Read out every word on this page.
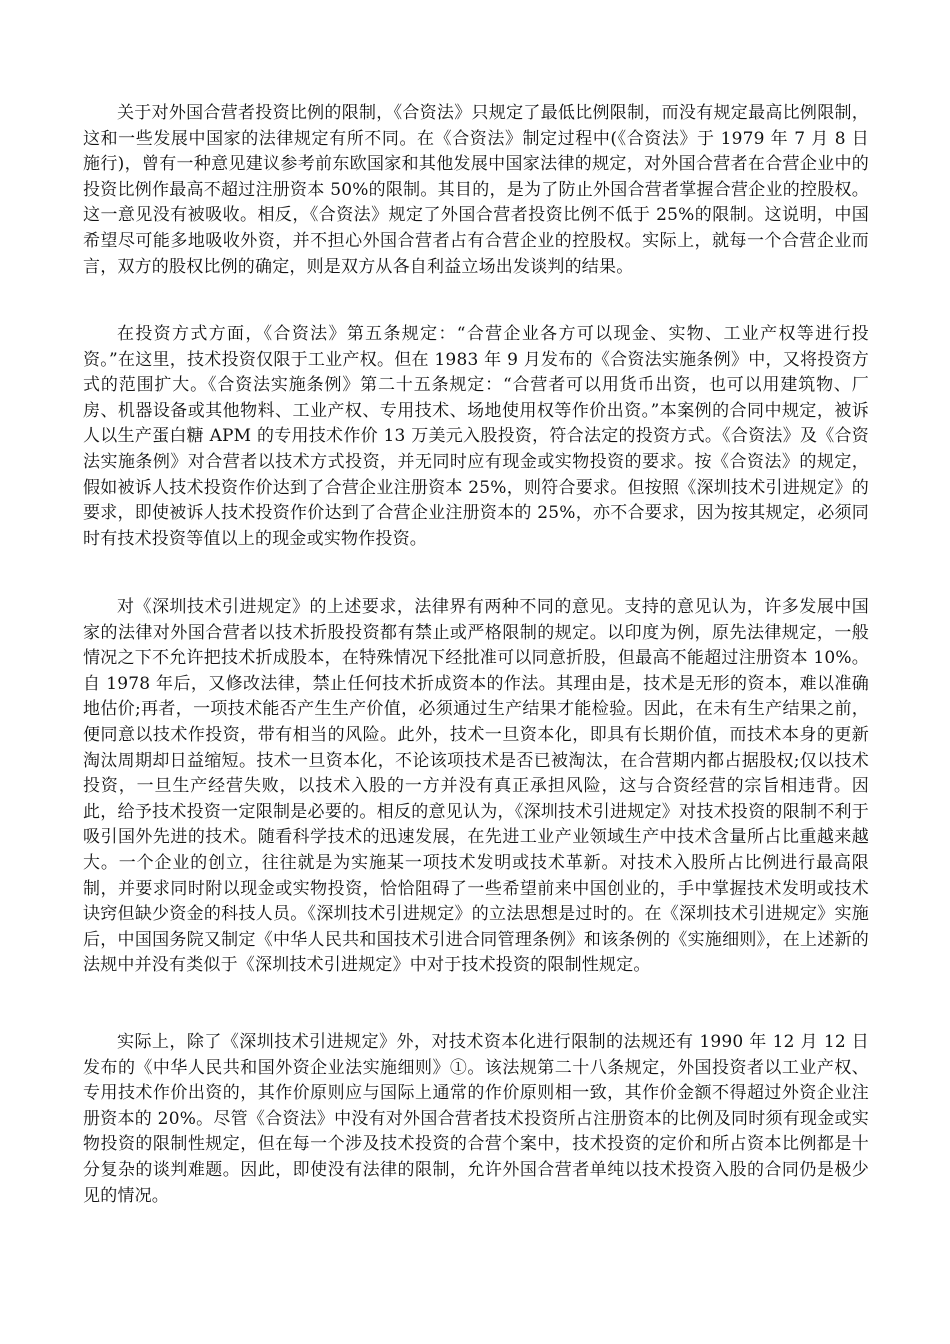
关于对外国合营者投资比例的限制，《合资法》只规定了最低比例限制，而没有规定最高比例限制，这和一些发展中国家的法律规定有所不同。在《合资法》制定过程中(《合资法》于 1979 年 7 月 8 日施行)，曾有一种意见建议参考前东欧国家和其他发展中国家法律的规定，对外国合营者在合营企业中的投资比例作最高不超过注册资本 50%的限制。其目的，是为了防止外国合营者掌握合营企业的控股权。这一意见没有被吸收。相反，《合资法》规定了外国合营者投资比例不低于 25%的限制。这说明，中国希望尽可能多地吸收外资，并不担心外国合营者占有合营企业的控股权。实际上，就每一个合营企业而言，双方的股权比例的确定，则是双方从各自利益立场出发谈判的结果。

在投资方式方面，《合资法》第五条规定：“合营企业各方可以现金、实物、工业产权等进行投资。”在这里，技术投资仅限于工业产权。但在 1983 年 9 月发布的《合资法实施条例》中，又将投资方式的范围扩大。《合资法实施条例》第二十五条规定：“合营者可以用货币出资，也可以用建筑物、厂房、机器设备或其他物料、工业产权、专用技术、场地使用权等作价出资。”本案例的合同中规定，被诉人以生产蛋白糖 APM 的专用技术作价 13 万美元入股投资，符合法定的投资方式。《合资法》及《合资法实施条例》对合营者以技术方式投资，并无同时应有现金或实物投资的要求。按《合资法》的规定，假如被诉人技术投资作价达到了合营企业注册资本 25%，则符合要求。但按照《深圳技术引进规定》的要求，即使被诉人技术投资作价达到了合营企业注册资本的 25%，亦不合要求，因为按其规定，必须同时有技术投资等值以上的现金或实物作投资。

对《深圳技术引进规定》的上述要求，法律界有两种不同的意见。支持的意见认为，许多发展中国家的法律对外国合营者以技术折股投资都有禁止或严格限制的规定。以印度为例，原先法律规定，一般情况之下不允许把技术折成股本，在特殊情况下经批准可以同意折股，但最高不能超过注册资本 10%。自 1978 年后，又修改法律，禁止任何技术折成资本的作法。其理由是，技术是无形的资本，难以准确地估价;再者，一项技术能否产生生产价值，必须通过生产结果才能检验。因此，在未有生产结果之前，便同意以技术作投资，带有相当的风险。此外，技术一旦资本化，即具有长期价值，而技术本身的更新淘汰周期却日益缩短。技术一旦资本化，不论该项技术是否已被淘汰，在合营期内都占据股权;仅以技术投资，一旦生产经营失败，以技术入股的一方并没有真正承担风险，这与合资经营的宗旨相违背。因此，给予技术投资一定限制是必要的。相反的意见认为，《深圳技术引进规定》对技术投资的限制不利于吸引国外先进的技术。随看科学技术的迅速发展，在先进工业产业领域生产中技术含量所占比重越来越大。一个企业的创立，往往就是为实施某一项技术发明或技术革新。对技术入股所占比例进行最高限制，并要求同时附以现金或实物投资，恰恰阻碍了一些希望前来中国创业的，手中掌握技术发明或技术诀窍但缺少资金的科技人员。《深圳技术引进规定》的立法思想是过时的。在《深圳技术引进规定》实施后，中国国务院又制定《中华人民共和国技术引进合同管理条例》和该条例的《实施细则》，在上述新的法规中并没有类似于《深圳技术引进规定》中对于技术投资的限制性规定。

实际上，除了《深圳技术引进规定》外，对技术资本化进行限制的法规还有 1990 年 12 月 12 日发布的《中华人民共和国外资企业法实施细则》①。该法规第二十八条规定，外国投资者以工业产权、专用技术作价出资的，其作价原则应与国际上通常的作价原则相一致，其作价金额不得超过外资企业注册资本的 20%。尽管《合资法》中没有对外国合营者技术投资所占注册资本的比例及同时须有现金或实物投资的限制性规定，但在每一个涉及技术投资的合营个案中，技术投资的定价和所占资本比例都是十分复杂的谈判难题。因此，即使没有法律的限制，允许外国合营者单纯以技术投资入股的合同仍是极少见的情况。
